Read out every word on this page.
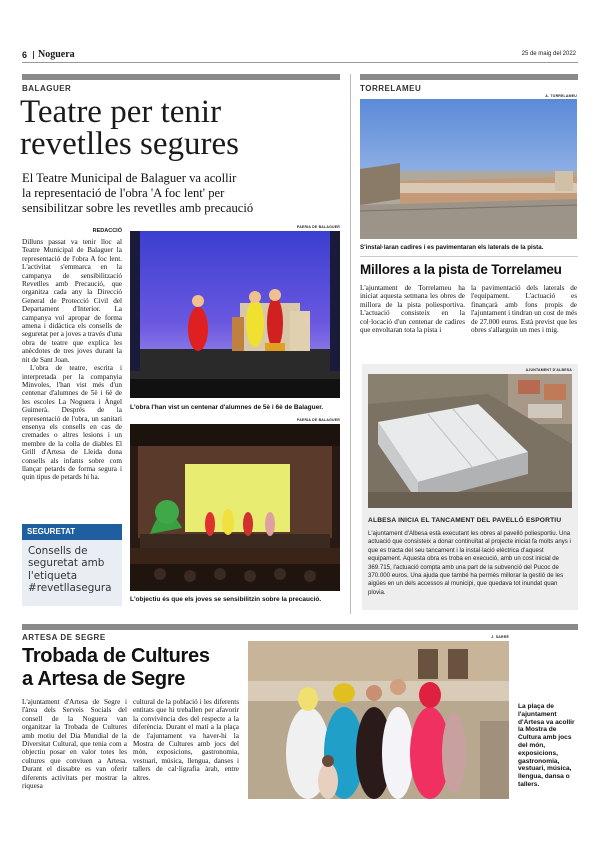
6 Noguera	25 de maig del 2022
BALAGUER
Teatre per tenir
revetlles segures
El Teatre Municipal de Balaguer va acollir
la representació de l'obra 'A foc lent' per
sensibilitzar sobre les revetlles amb precaució
REDACCIÓ

Dilluns passat va tenir lloc al Teatre Municipal de Balaguer la representació de l'obra A foc lent. L'activitat s'emmarca en la campanya de sensibilització Revetlles amb Precaució, que organitza cada any la Direcció General de Protecció Civil del Departament d'Interior. La campanya vol apropar de forma amena i didàctica els consells de seguretat per a joves a través d'una obra de teatre que explica les anècdotes de tres joves durant la nit de Sant Joan.

L'obra de teatre, escrita i interpretada per la companyia Minvoles, l'han vist més d'un centenar d'alumnes de 5è i 6è de les escoles La Noguera i Àngel Guimerà. Després de la representació de l'obra, un sanitari ensenya els consells en cas de cremades o altres lesions i un membre de la colla de diables El Grill d'Artesa de Lleida dona consells als infants sobre com llançar petards de forma segura i quin tipus de petards hi ha.

SEGURETAT
Consells de
seguretat amb
l'etiqueta
#revetllasegura
PAERIA DE BALAGUER
L'obra l'han vist un centenar d'alumnes de 5è i 6è de Balaguer.
PAERIA DE BALAGUER
L'objectiu és que els joves se sensibilitzin sobre la precaució.
TORRELAMEU
A. TORRELAMEU
S'instal·laran cadires i es pavimentaran els laterals de la pista.
Millores a la pista de Torrelameu
L'ajuntament de Torrelameu ha iniciat aquesta setmana les obres de millora de la pista poliesportiva. L'actuació consisteix en la col·locació d'un centenar de cadires que envoltaran tota la pista i
la pavimentació dels laterals de l'equipament. L'actuació es finançarà amb fons propis de l'ajuntament i tindran un cost de més de 27.000 euros. Està previst que les obres s'allarguin un mes i mig.
AJUNTAMENT D'ALBESA
ALBESA INICIA EL TANCAMENT DEL PAVELLÓ ESPORTIU
L'ajuntament d'Albesa està executant les obres al pavelló poliesportiu. Una actuació que consisteix a donar continuïtat al projecte iniciat fa molts anys i que es tracta del seu tancament i la instal·lació elèctrica d'aquest equipament. Aquesta obra es troba en execució, amb un cost inicial de 369.715, l'actuació compta amb una part de la subvenció del Pucoc de 370.000 euros. Una ajuda que també ha permès millorar la gestió de les aigües en un dels accessos al municipi, que quedava tot inundat quan plovia.
ARTESA DE SEGRE
Trobada de Cultures
a Artesa de Segre
L'ajuntament d'Artesa de Segre i l'àrea dels Serveis Socials del consell de la Noguera van organitzar la Trobada de Cultures amb motiu del Dia Mundial de la Diversitat Cultural, que tenia com a objectiu posar en valor totes les cultures que conviuen a Artesa. Durant el dissabte es van oferir diferents activitats per mostrar la riquesa
cultural de la població i les diferents entitats que hi treballen per afavorir la convivència des del respecte a la diferència. Durant el matí a la plaça de l'ajuntament va haver-hi la Mostra de Cultures amb jocs del món, exposicions, gastronomia, vestuari, música, llengua, danses i tallers de cal·ligrafia àrab, entre altres.
J. SARRÉ
La plaça de l'ajuntament d'Artesa va acollir la Mostra de Cultura amb jocs del món, exposicions, gastronomia, vestuari, música, llengua, dansa o tallers.
